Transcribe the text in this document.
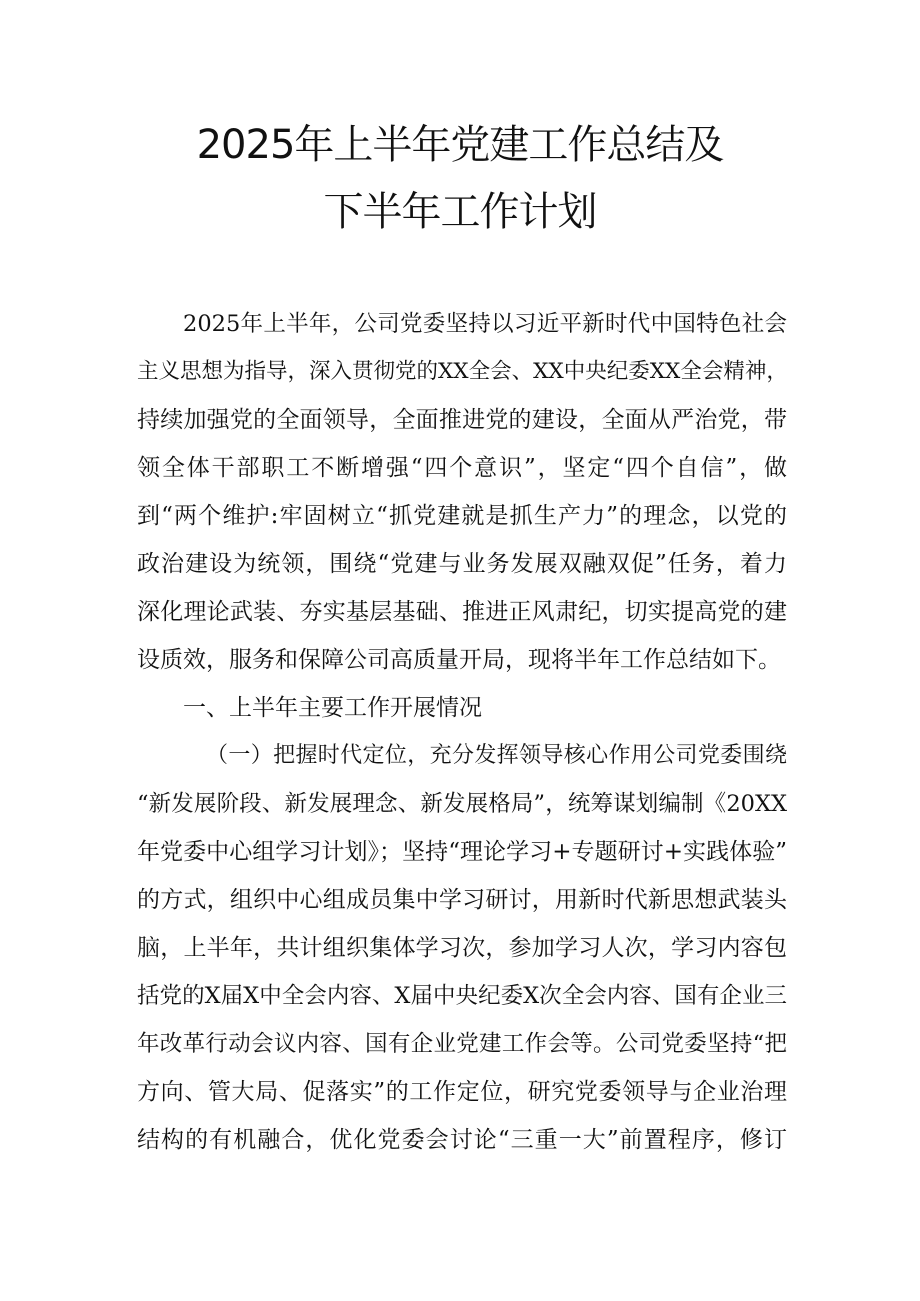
2025年上半年党建工作总结及
下半年工作计划
2025年上半年，公司党委坚持以习近平新时代中国特色社会
主义思想为指导，深入贯彻党的XX全会、XX中央纪委XX全会精神，
持续加强党的全面领导，全面推进党的建设，全面从严治党，带
领全体干部职工不断增强“四个意识”，坚定“四个自信”，做
到“两个维护:牢固树立“抓党建就是抓生产力”的理念，以党的
政治建设为统领，围绕“党建与业务发展双融双促”任务，着力
深化理论武装、夯实基层基础、推进正风肃纪，切实提高党的建
设质效，服务和保障公司高质量开局，现将半年工作总结如下。
一、上半年主要工作开展情况
（一）把握时代定位，充分发挥领导核心作用公司党委围绕
“新发展阶段、新发展理念、新发展格局”，统筹谋划编制《20XX
年党委中心组学习计划》；坚持“理论学习+专题研讨+实践体验”
的方式，组织中心组成员集中学习研讨，用新时代新思想武装头
脑，上半年，共计组织集体学习次，参加学习人次，学习内容包
括党的X届X中全会内容、X届中央纪委X次全会内容、国有企业三
年改革行动会议内容、国有企业党建工作会等。公司党委坚持“把
方向、管大局、促落实”的工作定位，研究党委领导与企业治理
结构的有机融合，优化党委会讨论“三重一大”前置程序，修订
